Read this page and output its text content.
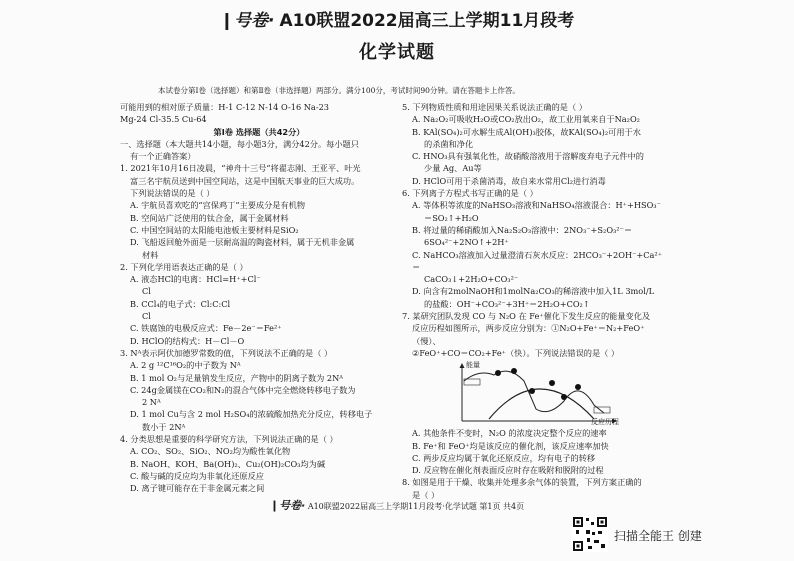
❙号卷· A10联盟2022届高三上学期11月段考
化学试题
本试卷分第Ⅰ卷（选择题）和第Ⅱ卷（非选择题）两部分。满分100分，考试时间90分钟。请在答题卡上作答。

可能用到的相对原子质量：H-1 C-12 N-14 O-16 Na-23

Mg-24 Cl-35.5 Cu-64

第Ⅰ卷 选择题（共42分）

一、选择题（本大题共14小题，每小题3分，满分42分。每小题只

有一个正确答案）

1. 2021年10月16日凌晨，“神舟十三号”将翟志刚、王亚平、叶光

富三名宇航员送到中国空间站，这是中国航天事业的巨大成功。

下列说法错误的是（ ）

A. 宇航员喜欢吃的“宫保鸡丁”主要成分是有机物

B. 空间站广泛使用的钛合金，属于金属材料

C. 中国空间站的太阳能电池板主要材料是SiO₂

D. 飞船返回舱外面是一层耐高温的陶瓷材料，属于无机非金属

材料

2. 下列化学用语表达正确的是（ ）

A. 液态HCl的电离：HCl=H⁺+Cl⁻

Cl

B. CCl₄的电子式：Cl:C:Cl

Cl

C. 铁腐蚀的电极反应式：Fe－2e⁻＝Fe²⁺

D. HClO的结构式：H－Cl－O

3. Nᴬ表示阿伏加德罗常数的值，下列说法不正确的是（ ）

A. 2 g ¹²C¹⁶O₂的中子数为 Nᴬ

B. 1 mol O₂与足量钠发生反应，产物中的阴离子数为 2Nᴬ

C. 24g金属镁在CO₂和N₂的混合气体中完全燃烧转移电子数为

2 Nᴬ

D. 1 mol Cu与含 2 mol H₂SO₄的浓硫酸加热充分反应，转移电子

数小于 2Nᴬ

4. 分类思想是重要的科学研究方法，下列说法正确的是（ ）

A. CO₂、SO₂、SiO₂、NO₂均为酸性氧化物

B. NaOH、KOH、Ba(OH)₂、Cu₂(OH)₂CO₃均为碱

C. 酸与碱的反应均为非氧化还原反应

D. 离子键可能存在于非金属元素之间

5. 下列物质性质和用途因果关系说法正确的是（ ）

A. Na₂O₂可吸收H₂O或CO₂放出O₂，故工业用氧来自于Na₂O₂

B. KAl(SO₄)₂可水解生成Al(OH)₃胶体，故KAl(SO₄)₂可用于水

的杀菌和净化

C. HNO₃具有强氧化性，故硝酸溶液用于溶解废弃电子元件中的

少量 Ag、Au等

D. HClO可用于杀菌消毒，故自来水常用Cl₂进行消毒

6. 下列离子方程式书写正确的是（ ）

A. 等体积等浓度的NaHSO₃溶液和NaHSO₄溶液混合：H⁺+HSO₃⁻

＝SO₂↑+H₂O

B. 将过量的稀硝酸加入Na₂S₂O₃溶液中：2NO₃⁻+S₂O₃²⁻＝

6SO₄²⁻+2NO↑+2H⁺

C. NaHCO₃溶液加入过量澄清石灰水反应：2HCO₃⁻+2OH⁻+Ca²⁺＝

CaCO₃↓+2H₂O+CO₃²⁻

D. 向含有2molNaOH和1molNa₂CO₃的稀溶液中加入1L 3mol/L

的盐酸：OH⁻+CO₃²⁻+3H⁺＝2H₂O+CO₂↑

7. 某研究团队发现 CO 与 N₂O 在 Fe⁺催化下发生反应的能量变化及

反应历程如图所示，两步反应分别为：①N₂O+Fe⁺＝N₂+FeO⁺（慢）、

②FeO⁺+CO＝CO₂+Fe⁺（快）。下列说法错误的是（ ）

能量
反应历程

A. 其他条件不变时，N₂O 的浓度决定整个反应的速率

B. Fe⁺和 FeO⁺均是该反应的催化剂，该反应速率加快

C. 两步反应均属于氧化还原反应，均有电子的转移

D. 反应物在催化剂表面反应时存在吸附和脱附的过程

8. 如图是用于干燥、收集并处理多余气体的装置，下列方案正确的

是（ ）

❙号卷· A10联盟2022届高三上学期11月段考·化学试题 第1页 共4页
扫描全能王 创建
